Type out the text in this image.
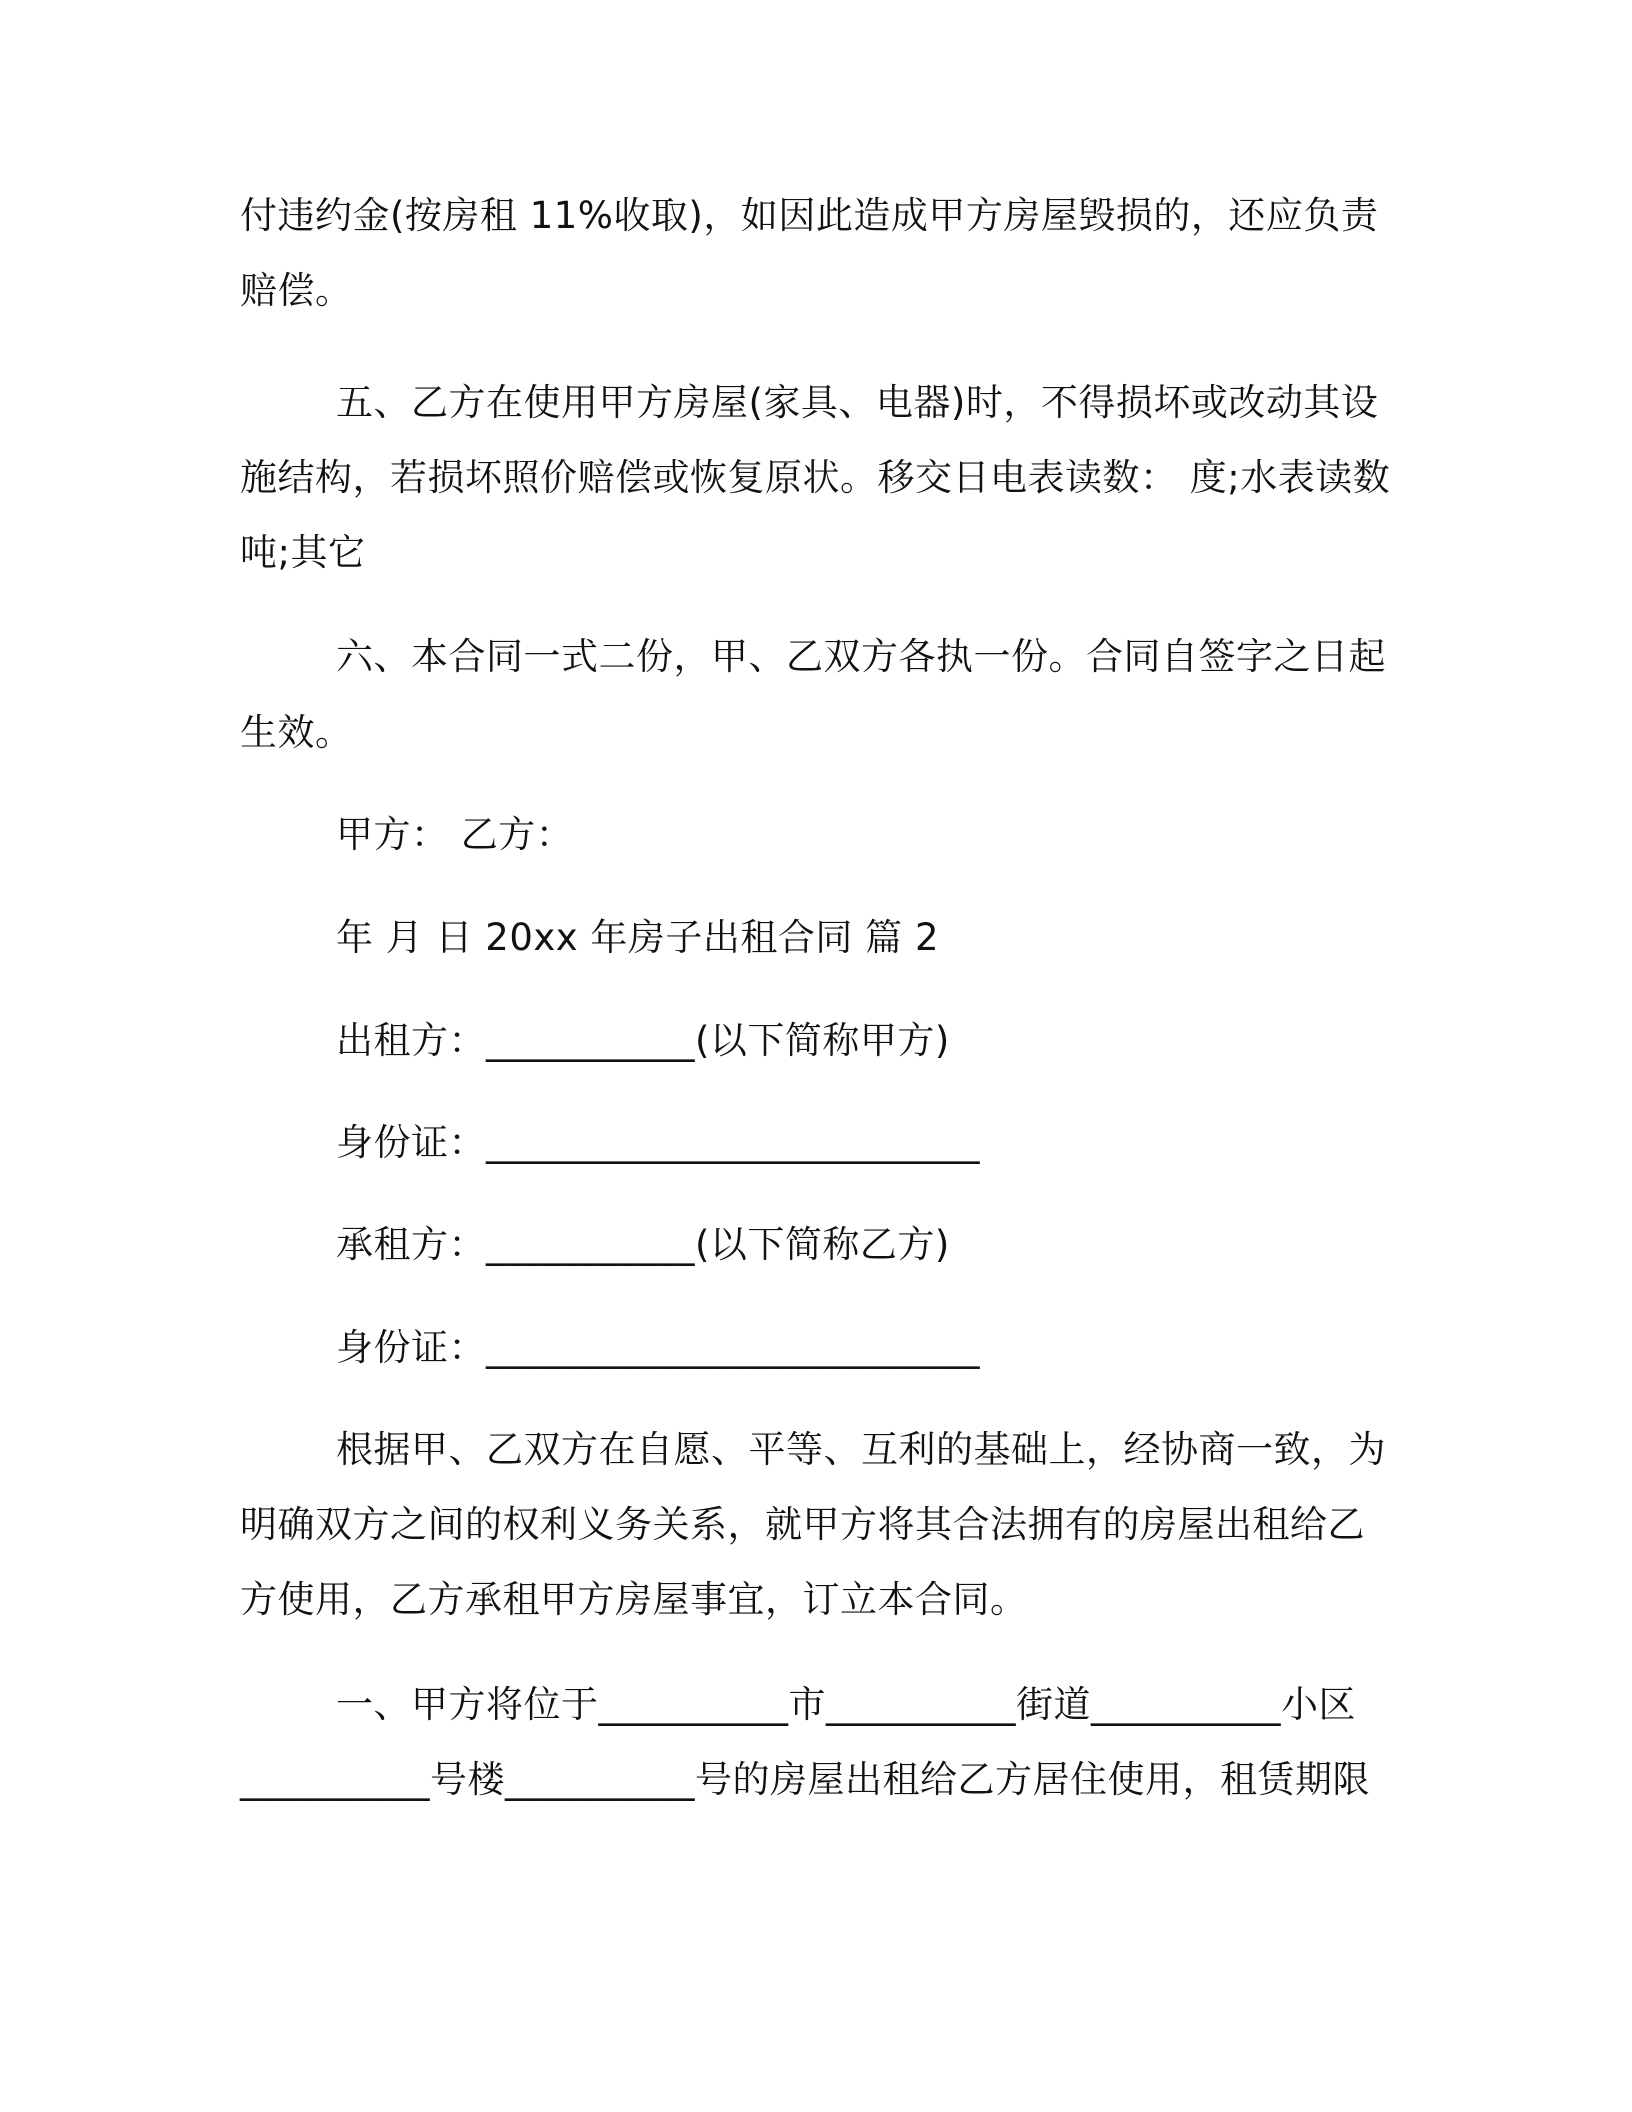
付违约金(按房租 11%收取)，如因此造成甲方房屋毁损的，还应负责
赔偿。
五、乙方在使用甲方房屋(家具、电器)时，不得损坏或改动其设
施结构，若损坏照价赔偿或恢复原状。移交日电表读数： 度;水表读数
吨;其它
六、本合同一式二份，甲、乙双方各执一份。合同自签字之日起
生效。
甲方： 乙方：
年 月 日 20xx 年房子出租合同 篇 2
出租方：___________(以下简称甲方)
身份证：__________________________
承租方：___________(以下简称乙方)
身份证：__________________________
根据甲、乙双方在自愿、平等、互利的基础上，经协商一致，为
明确双方之间的权利义务关系，就甲方将其合法拥有的房屋出租给乙
方使用，乙方承租甲方房屋事宜，订立本合同。
一、甲方将位于__________市__________街道__________小区
__________号楼__________号的房屋出租给乙方居住使用，租赁期限
